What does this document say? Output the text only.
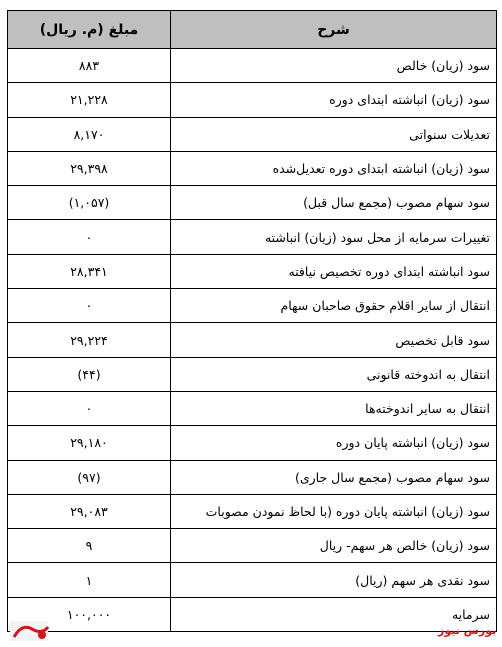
شرح	مبلغ (م. ریال)
سود (زیان) خالص	۸۸۳
سود (زیان) انباشته ابتدای دوره	۲۱,۲۲۸
تعدیلات سنواتی	۸,۱۷۰
سود (زیان) انباشته ابتدای دوره تعدیل‌شده	۲۹,۳۹۸
سود سهام مصوب (مجمع سال قبل)	(۱,۰۵۷)
تغییرات سرمایه از محل سود (زیان) انباشته	۰
سود انباشته ابتدای دوره تخصیص نیافته	۲۸,۳۴۱
انتقال از سایر اقلام حقوق صاحبان سهام	۰
سود قابل تخصیص	۲۹,۲۲۴
انتقال به اندوخته قانونی	(۴۴)
انتقال به سایر اندوخته‌ها	۰
سود (زیان) انباشته پایان دوره	۲۹,۱۸۰
سود سهام مصوب (مجمع سال جاری)	(۹۷)
سود (زیان) انباشته پایان دوره (با لحاظ نمودن مصوبات	۲۹,۰۸۳
سود (زیان) خالص هر سهم- ریال	۹
سود نقدی هر سهم (ریال)	۱
سرمایه	۱۰۰,۰۰۰
بورس نیوز
